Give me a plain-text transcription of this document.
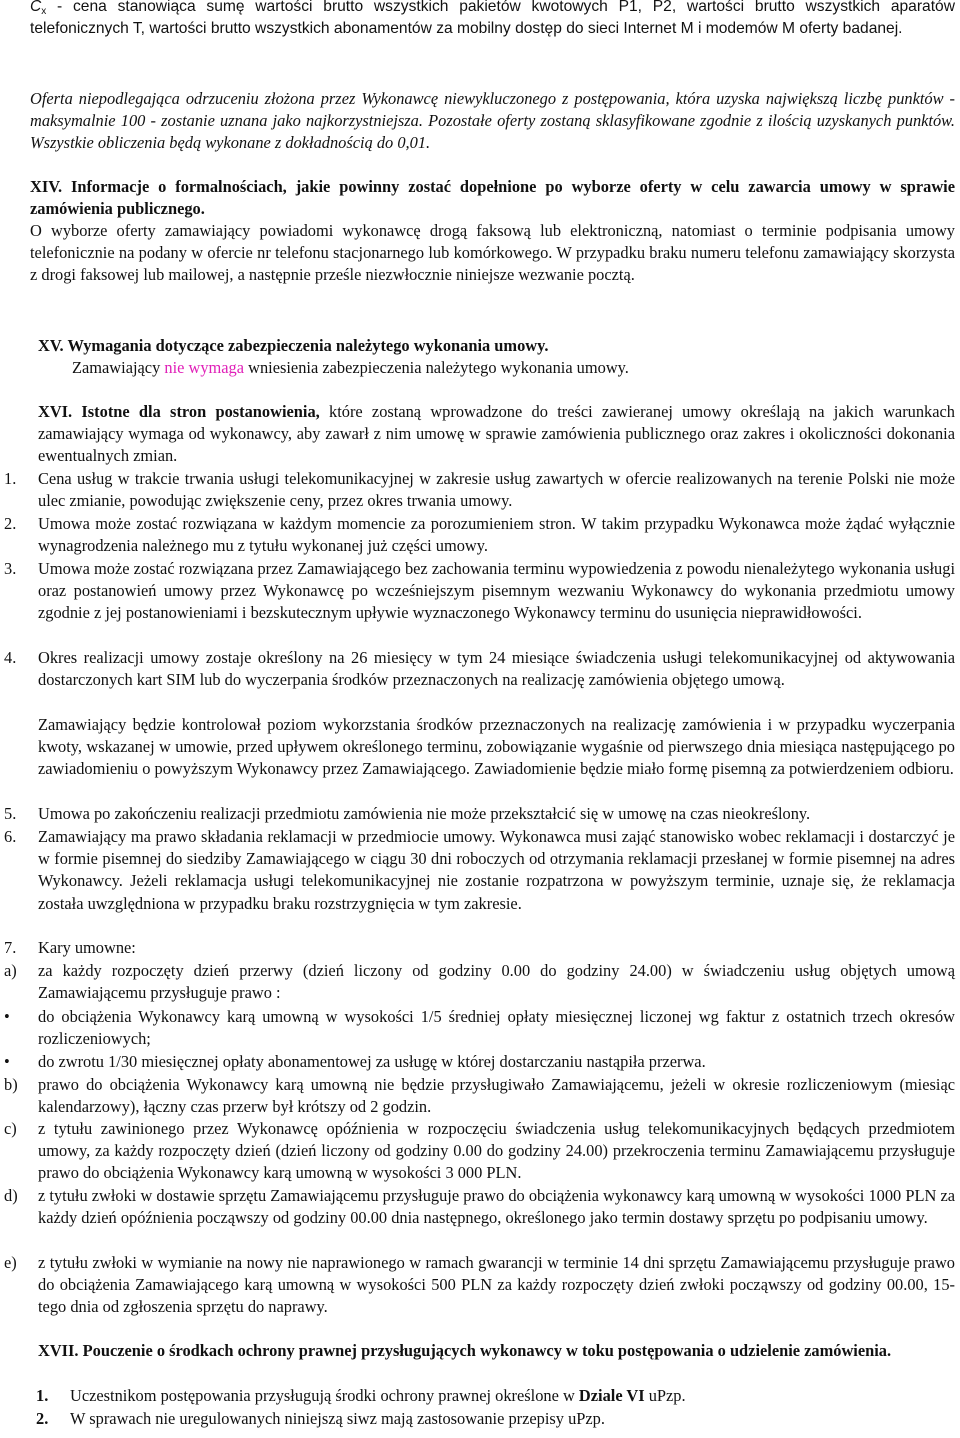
$C_x$ - cena stanowiąca sumę wartości brutto wszystkich pakietów kwotowych P1, P2, wartości brutto wszystkich aparatów telefonicznych T, wartości brutto wszystkich abonamentów za mobilny dostęp do sieci Internet M i modemów M oferty badanej.

Oferta niepodlegająca odrzuceniu złożona przez Wykonawcę niewykluczonego z postępowania, która uzyska największą liczbę punktów - maksymalnie 100 - zostanie uznana jako najkorzystniejsza. Pozostałe oferty zostaną sklasyfikowane zgodnie z ilością uzyskanych punktów. Wszystkie obliczenia będą wykonane z dokładnością do 0,01.

XIV. Informacje o formalnościach, jakie powinny zostać dopełnione po wyborze oferty w celu zawarcia umowy w sprawie zamówienia publicznego.

O wyborze oferty zamawiający powiadomi wykonawcę drogą faksową lub elektroniczną, natomiast o terminie podpisania umowy telefonicznie na podany w ofercie nr telefonu stacjonarnego lub komórkowego. W przypadku braku numeru telefonu zamawiający skorzysta z drogi faksowej lub mailowej, a następnie prześle niezwłocznie niniejsze wezwanie pocztą.

XV. Wymagania dotyczące zabezpieczenia należytego wykonania umowy.

Zamawiający nie wymaga wniesienia zabezpieczenia należytego wykonania umowy.

XVI. Istotne dla stron postanowienia, które zostaną wprowadzone do treści zawieranej umowy określają na jakich warunkach zamawiający wymaga od wykonawcy, aby zawarł z nim umowę w sprawie zamówienia publicznego oraz zakres i okoliczności dokonania ewentualnych zmian.

1. Cena usług w trakcie trwania usługi telekomunikacyjnej w zakresie usług zawartych w ofercie realizowanych na terenie Polski nie może ulec zmianie, powodując zwiększenie ceny, przez okres trwania umowy.

2. Umowa może zostać rozwiązana w każdym momencie za porozumieniem stron. W takim przypadku Wykonawca może żądać wyłącznie wynagrodzenia należnego mu z tytułu wykonanej już części umowy.

3. Umowa może zostać rozwiązana przez Zamawiającego bez zachowania terminu wypowiedzenia z powodu nienależytego wykonania usługi oraz postanowień umowy przez Wykonawcę po wcześniejszym pisemnym wezwaniu Wykonawcy do wykonania przedmiotu umowy zgodnie z jej postanowieniami i bezskutecznym upływie wyznaczonego Wykonawcy terminu do usunięcia nieprawidłowości.

4. Okres realizacji umowy zostaje określony na 26 miesięcy w tym 24 miesiące świadczenia usługi telekomunikacyjnej od aktywowania dostarczonych kart SIM lub do wyczerpania środków przeznaczonych na realizację zamówienia objętego umową.

Zamawiający będzie kontrolował poziom wykorzstania środków przeznaczonych na realizację zamówienia i w przypadku wyczerpania kwoty, wskazanej w umowie, przed upływem określonego terminu, zobowiązanie wygaśnie od pierwszego dnia miesiąca następującego po zawiadomieniu o powyższym Wykonawcy przez Zamawiającego. Zawiadomienie będzie miało formę pisemną za potwierdzeniem odbioru.

5. Umowa po zakończeniu realizacji przedmiotu zamówienia nie może przekształcić się w umowę na czas nieokreślony.

6. Zamawiający ma prawo składania reklamacji w przedmiocie umowy. Wykonawca musi zająć stanowisko wobec reklamacji i dostarczyć je w formie pisemnej do siedziby Zamawiającego w ciągu 30 dni roboczych od otrzymania reklamacji przesłanej w formie pisemnej na adres Wykonawcy. Jeżeli reklamacja usługi telekomunikacyjnej nie zostanie rozpatrzona w powyższym terminie, uznaje się, że reklamacja została uwzględniona w przypadku braku rozstrzygnięcia w tym zakresie.

7. Kary umowne:

a) za każdy rozpoczęty dzień przerwy (dzień liczony od godziny 0.00 do godziny 24.00) w świadczeniu usług objętych umową Zamawiającemu przysługuje prawo :

• do obciążenia Wykonawcy karą umowną w wysokości 1/5 średniej opłaty miesięcznej liczonej wg faktur z ostatnich trzech okresów rozliczeniowych;

• do zwrotu 1/30 miesięcznej opłaty abonamentowej za usługę w której dostarczaniu nastąpiła przerwa.

b) prawo do obciążenia Wykonawcy karą umowną nie będzie przysługiwało Zamawiającemu, jeżeli w okresie rozliczeniowym (miesiąc kalendarzowy), łączny czas przerw był krótszy od 2 godzin.

c) z tytułu zawinionego przez Wykonawcę opóźnienia w rozpoczęciu świadczenia usług telekomunikacyjnych będących przedmiotem umowy, za każdy rozpoczęty dzień (dzień liczony od godziny 0.00 do godziny 24.00) przekroczenia terminu Zamawiającemu przysługuje prawo do obciążenia Wykonawcy karą umowną w wysokości 3 000 PLN.

d) z tytułu zwłoki w dostawie sprzętu Zamawiającemu przysługuje prawo do obciążenia wykonawcy karą umowną w wysokości 1000 PLN za każdy dzień opóźnienia począwszy od godziny 00.00 dnia następnego, określonego jako termin dostawy sprzętu po podpisaniu umowy.

e) z tytułu zwłoki w wymianie na nowy nie naprawionego w ramach gwarancji w terminie 14 dni sprzętu Zamawiającemu przysługuje prawo do obciążenia Zamawiającego karą umowną w wysokości 500 PLN za każdy rozpoczęty dzień zwłoki począwszy od godziny 00.00, 15- tego dnia od zgłoszenia sprzętu do naprawy.

XVII. Pouczenie o środkach ochrony prawnej przysługujących wykonawcy w toku postępowania o udzielenie zamówienia.

1. Uczestnikom postępowania przysługują środki ochrony prawnej określone w Dziale VI uPzp.

2. W sprawach nie uregulowanych niniejszą siwz mają zastosowanie przepisy uPzp.
